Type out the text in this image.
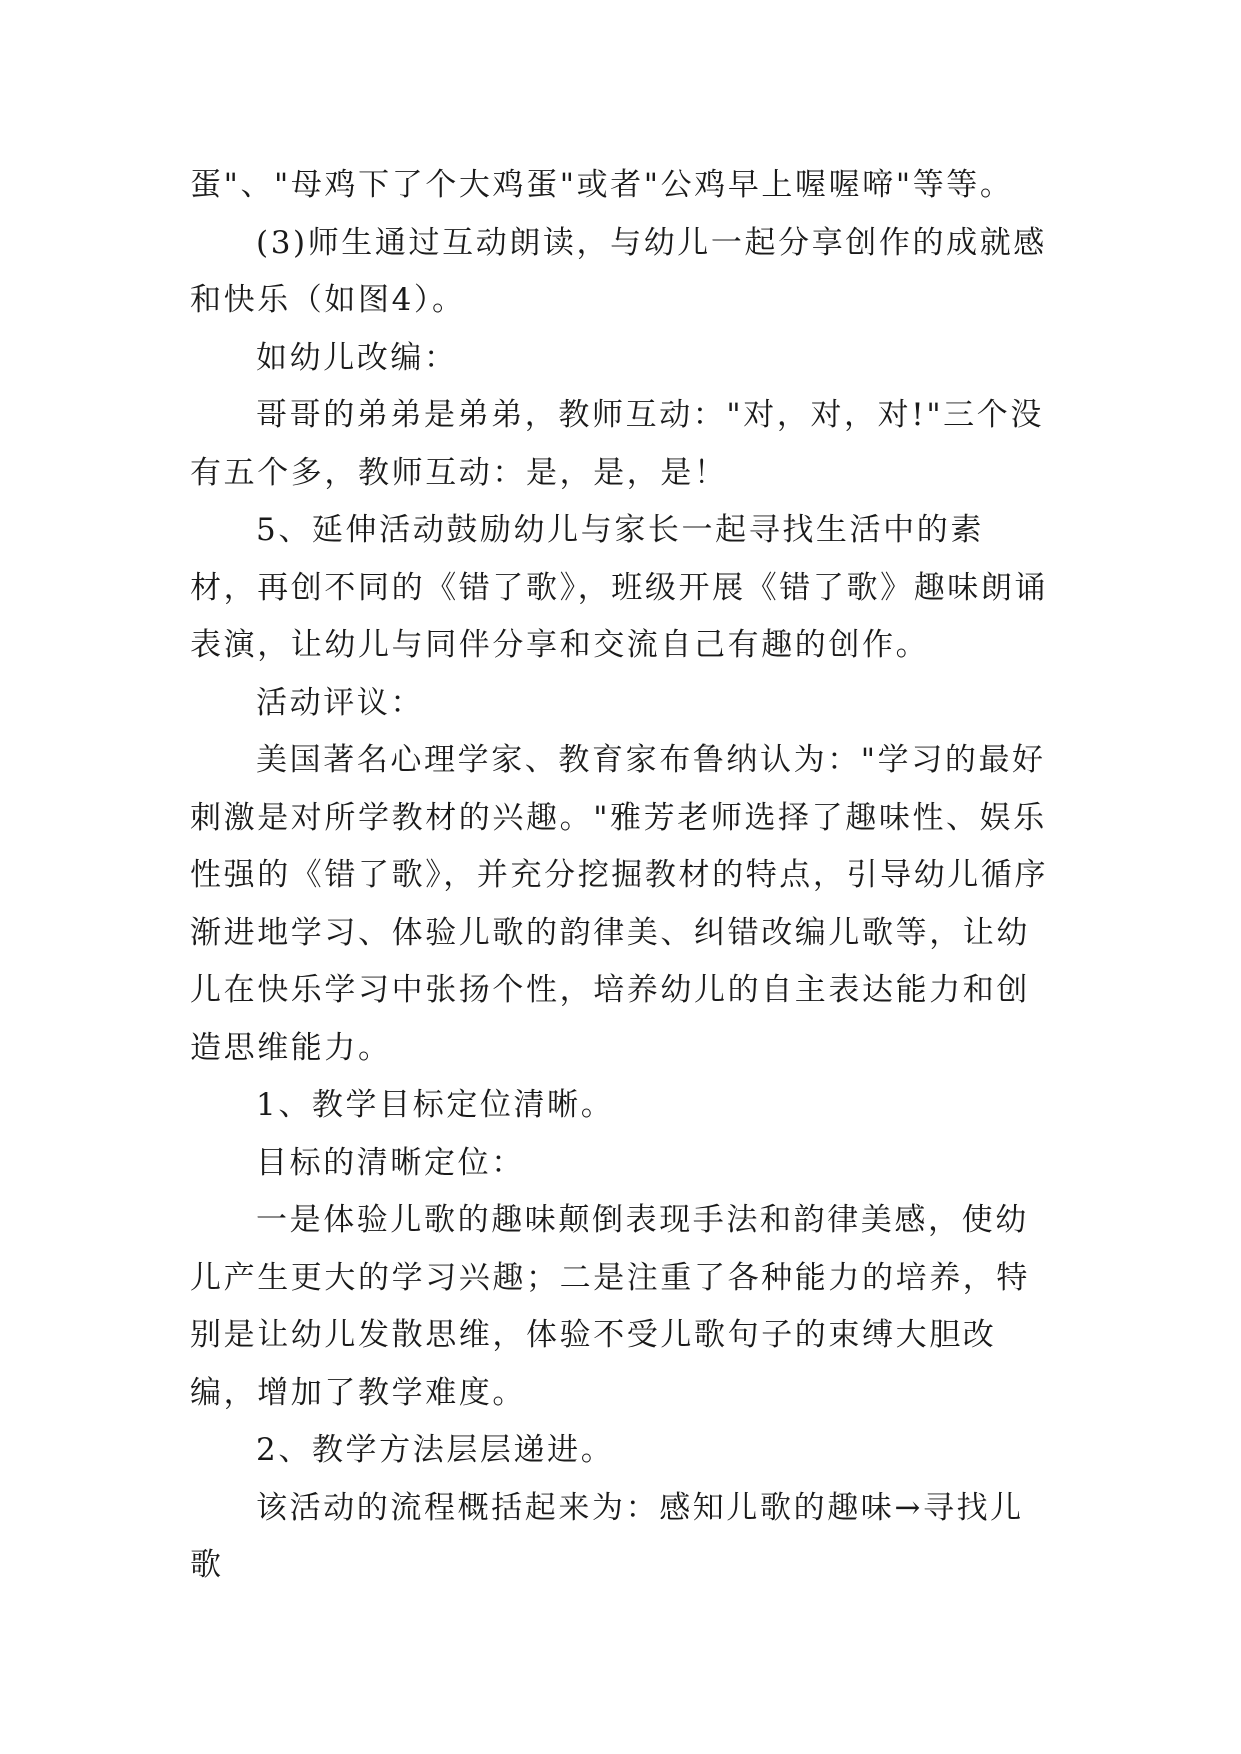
蛋"、"母鸡下了个大鸡蛋"或者"公鸡早上喔喔啼"等等。

(3)师生通过互动朗读，与幼儿一起分享创作的成就感和快乐（如图4）。

如幼儿改编：

哥哥的弟弟是弟弟，教师互动："对，对，对!"三个没有五个多，教师互动：是，是，是！

5、延伸活动鼓励幼儿与家长一起寻找生活中的素材，再创不同的《错了歌》，班级开展《错了歌》趣味朗诵表演，让幼儿与同伴分享和交流自己有趣的创作。

活动评议：

美国著名心理学家、教育家布鲁纳认为："学习的最好刺激是对所学教材的兴趣。"雅芳老师选择了趣味性、娱乐性强的《错了歌》，并充分挖掘教材的特点，引导幼儿循序渐进地学习、体验儿歌的韵律美、纠错改编儿歌等，让幼儿在快乐学习中张扬个性，培养幼儿的自主表达能力和创造思维能力。

1、教学目标定位清晰。

目标的清晰定位：

一是体验儿歌的趣味颠倒表现手法和韵律美感，使幼儿产生更大的学习兴趣；二是注重了各种能力的培养，特别是让幼儿发散思维，体验不受儿歌句子的束缚大胆改编，增加了教学难度。

2、教学方法层层递进。

该活动的流程概括起来为：感知儿歌的趣味→寻找儿歌
